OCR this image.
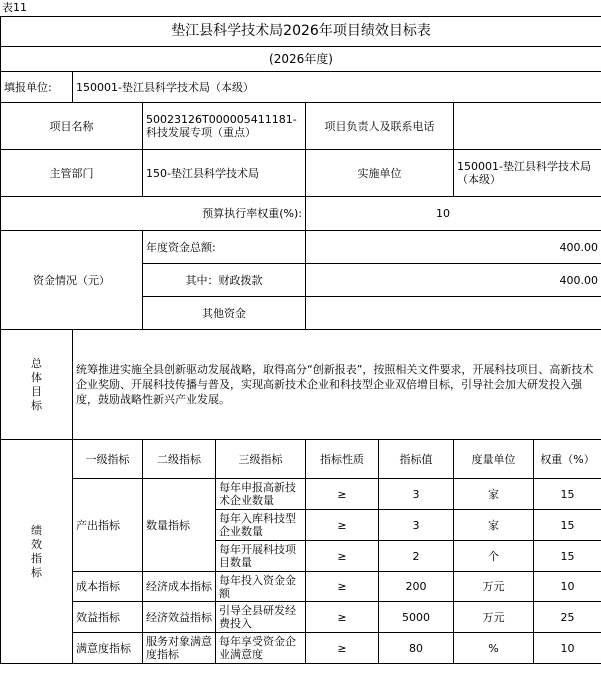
表11
垫江县科学技术局2026年项目绩效目标表							
(2026年度)							
填报单位:	150001-垫江县科学技术局（本级）						
项目名称		50023126T000005411181-科技发展专项（重点）		项目负责人及联系电话			
主管部门		150-垫江县科学技术局		实施单位		150001-垫江县科学技术局（本级）	
预算执行率权重(%):				10			
资金情况（元）		年度资金总额:		400.00			
		其中：财政拨款		400.00			
		其他资金					

总体目标	统筹推进实施全县创新驱动发展战略，取得高分“创新报表”，按照相关文件要求，开展科技项目、高新技术企业奖励、开展科技传播与普及，实现高新技术企业和科技型企业双倍增目标，引导社会加大研发投入强度，鼓励战略性新兴产业发展。						

绩效指标	一级指标	二级指标	三级指标	指标性质	指标值	度量单位	权重（%）
	产出指标	数量指标	每年申报高新技术企业数量	≥	3	家	15
			每年入库科技型企业数量	≥	3	家	15
			每年开展科技项目数量	≥	2	个	15
	成本指标	经济成本指标	每年投入资金金额	≥	200	万元	10
	效益指标	经济效益指标	引导全县研发经费投入	≥	5000	万元	25
	满意度指标	服务对象满意度指标	每年享受资金企业满意度	≥	80	%	10
